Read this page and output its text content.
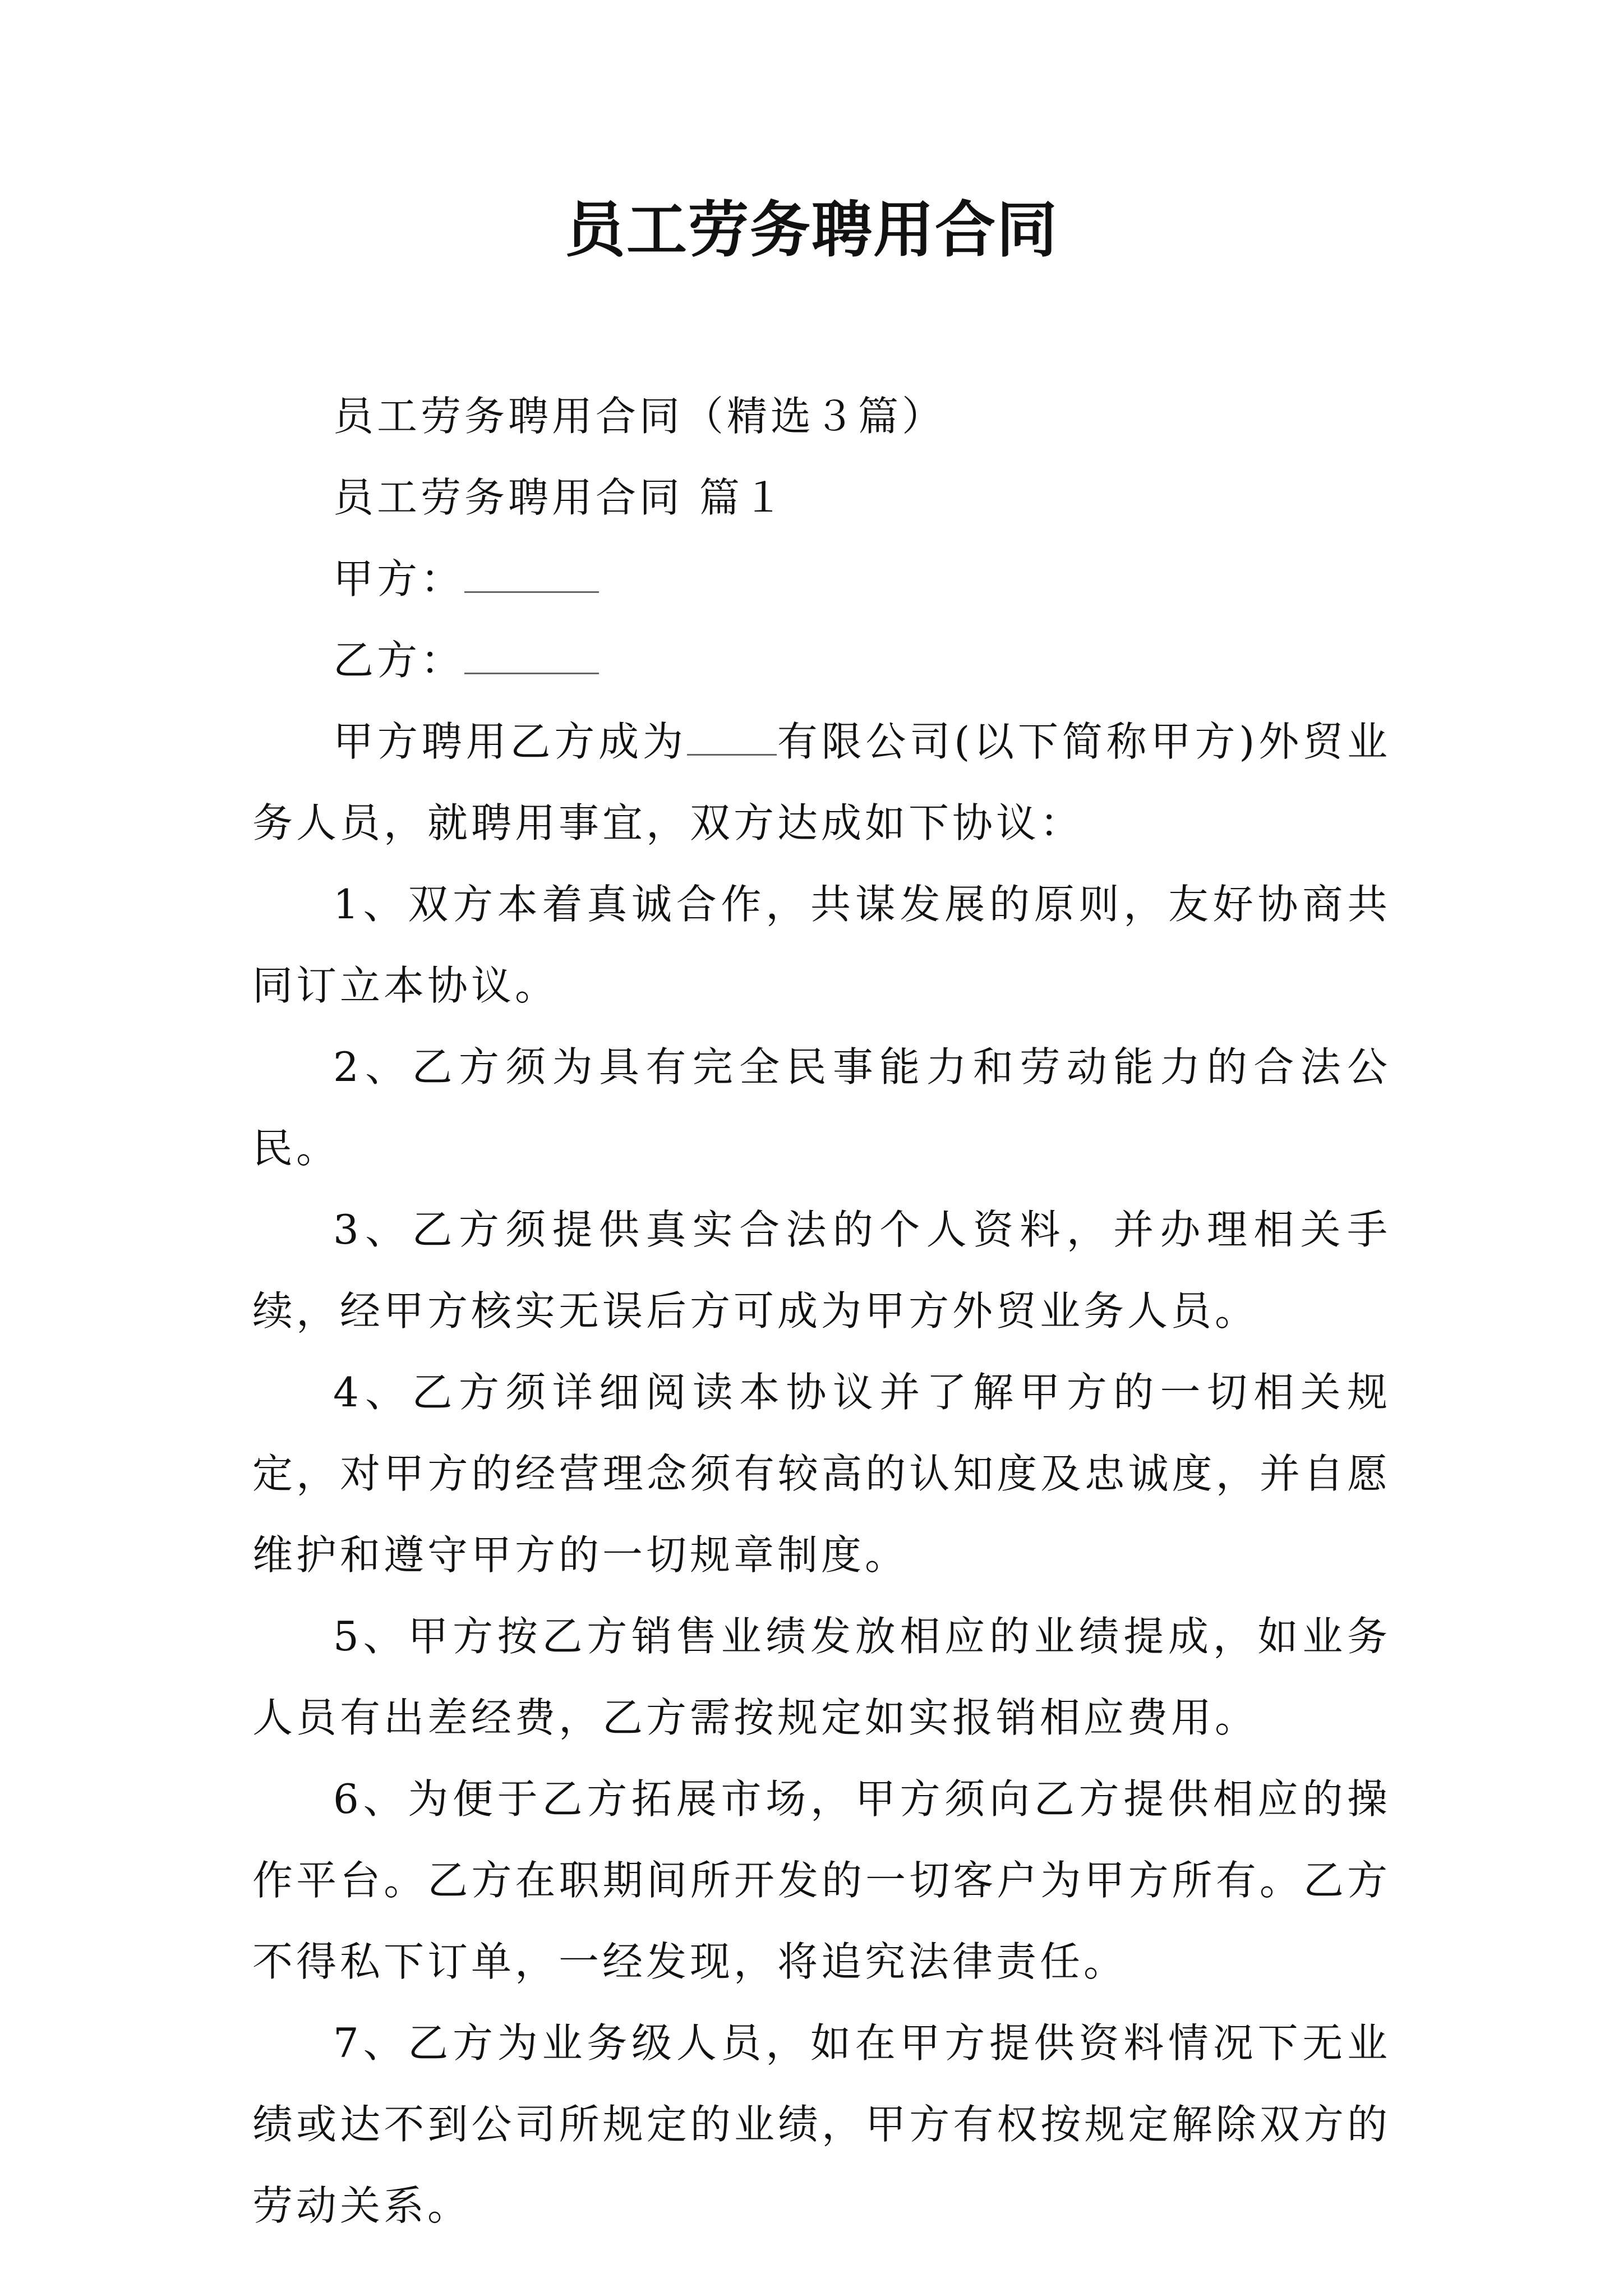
员工劳务聘用合同

员工劳务聘用合同（精选３篇）

员工劳务聘用合同 篇１

甲方：

乙方：

甲方聘用乙方成为 有限公司(以下简称甲方)外贸业务人员，就聘用事宜，双方达成如下协议：

1、双方本着真诚合作，共谋发展的原则，友好协商共同订立本协议。

2、乙方须为具有完全民事能力和劳动能力的合法公民。

3、乙方须提供真实合法的个人资料，并办理相关手续，经甲方核实无误后方可成为甲方外贸业务人员。

4、乙方须详细阅读本协议并了解甲方的一切相关规定，对甲方的经营理念须有较高的认知度及忠诚度，并自愿维护和遵守甲方的一切规章制度。

5、甲方按乙方销售业绩发放相应的业绩提成，如业务人员有出差经费，乙方需按规定如实报销相应费用。

6、为便于乙方拓展市场，甲方须向乙方提供相应的操作平台。乙方在职期间所开发的一切客户为甲方所有。乙方不得私下订单，一经发现，将追究法律责任。

7、乙方为业务级人员，如在甲方提供资料情况下无业绩或达不到公司所规定的业绩，甲方有权按规定解除双方的劳动关系。
